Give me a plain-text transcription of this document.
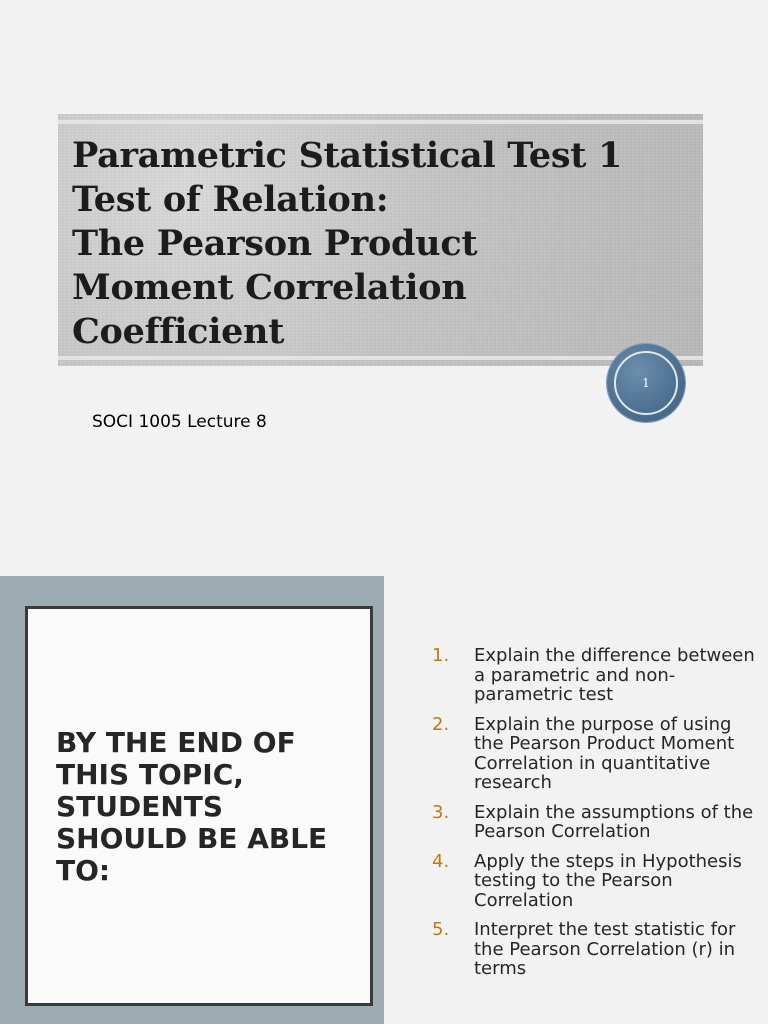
Parametric Statistical Test 1
Test of Relation:
The Pearson Product
Moment Correlation
Coefficient
1
SOCI 1005 Lecture 8

BY THE END OF THIS TOPIC, STUDENTS SHOULD BE ABLE TO:

1. Explain the difference between a parametric and non-parametric test
2. Explain the purpose of using the Pearson Product Moment Correlation in quantitative research
3. Explain the assumptions of the Pearson Correlation
4. Apply the steps in Hypothesis testing to the Pearson Correlation
5. Interpret the test statistic for the Pearson Correlation (r) in terms
